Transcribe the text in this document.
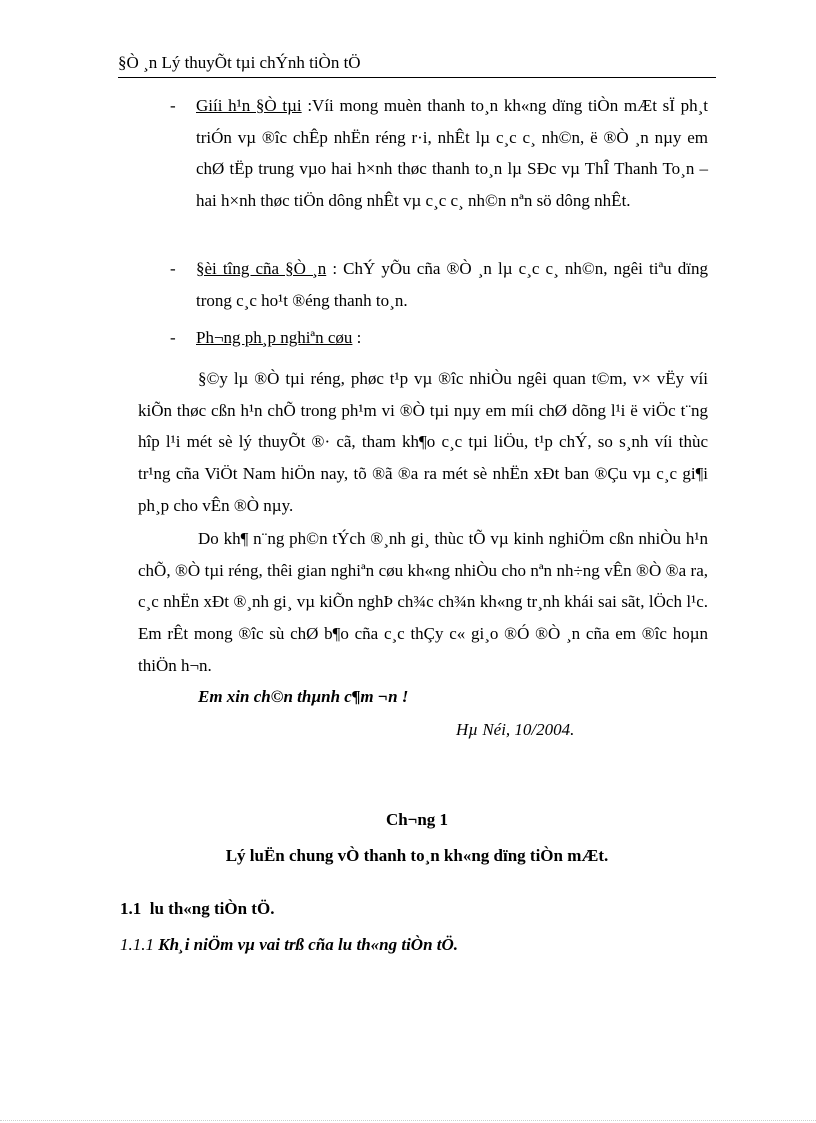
§Ò ¸n Lý thuyÕt tµi chÝnh tiÒn tÖ
- Giíi h¹n §Ò tµi :Víi mong muèn thanh to¸n kh«ng dïng tiÒn mÆt sÏ ph¸t triÓn vµ ®îc chÊp nhËn réng r·i, nhÊt lµ c¸c c¸ nh©n, ë ®Ò ¸n nµy em chØ tËp trung vµo hai h×nh thøc thanh to¸n lµ SÐc vµ ThÎ Thanh To¸n – hai h×nh thøc tiÖn dông nhÊt vµ c¸c c¸ nh©n nªn sö dông nhÊt.
- §èi tîng cña §Ò ¸n : ChÝ yÕu cña ®Ò ¸n lµ c¸c c¸ nh©n, ngêi tiªu dïng trong c¸c ho¹t ®éng thanh to¸n.
- Ph¬ng ph¸p nghiªn cøu :

§©y lµ ®Ò tµi réng, phøc t¹p vµ ®îc nhiÒu ngêi quan t©m, v× vËy víi kiÕn thøc cßn h¹n chÕ trong ph¹m vi ®Ò tµi nµy em míi chØ dõng l¹i ë viÖc t¨ng hîp l¹i mét sè lý thuyÕt ®· cã, tham kh¶o c¸c tµi liÖu, t¹p chÝ, so s¸nh víi thùc tr¹ng cña ViÖt Nam hiÖn nay, tõ ®ã ®a ra mét sè nhËn xÐt ban ®Çu vµ c¸c gi¶i ph¸p cho vÊn ®Ò nµy.

Do kh¶ n¨ng ph©n tÝch ®¸nh gi¸ thùc tÕ vµ kinh nghiÖm cßn nhiÒu h¹n chÕ, ®Ò tµi réng, thêi gian nghiªn cøu kh«ng nhiÒu cho nªn nh÷ng vÊn ®Ò ®a ra, c¸c nhËn xÐt ®¸nh gi¸ vµ kiÕn nghÞ ch¾c ch¾n kh«ng tr¸nh khái sai sãt, lÖch l¹c. Em rÊt mong ®îc sù chØ b¶o cña c¸c thÇy c« gi¸o ®Ó ®Ò ¸n cña em ®îc hoµn thiÖn h¬n.

Em xin ch©n thµnh c¶m ¬n !
Hµ Néi, 10/2004.
Ch¬ng 1
Lý luËn chung vÒ thanh to¸n kh«ng dïng tiÒn mÆt.
1.1 lu th«ng tiÒn tÖ.
1.1.1 Kh¸i niÖm vµ vai trß cña lu th«ng tiÒn tÖ.
